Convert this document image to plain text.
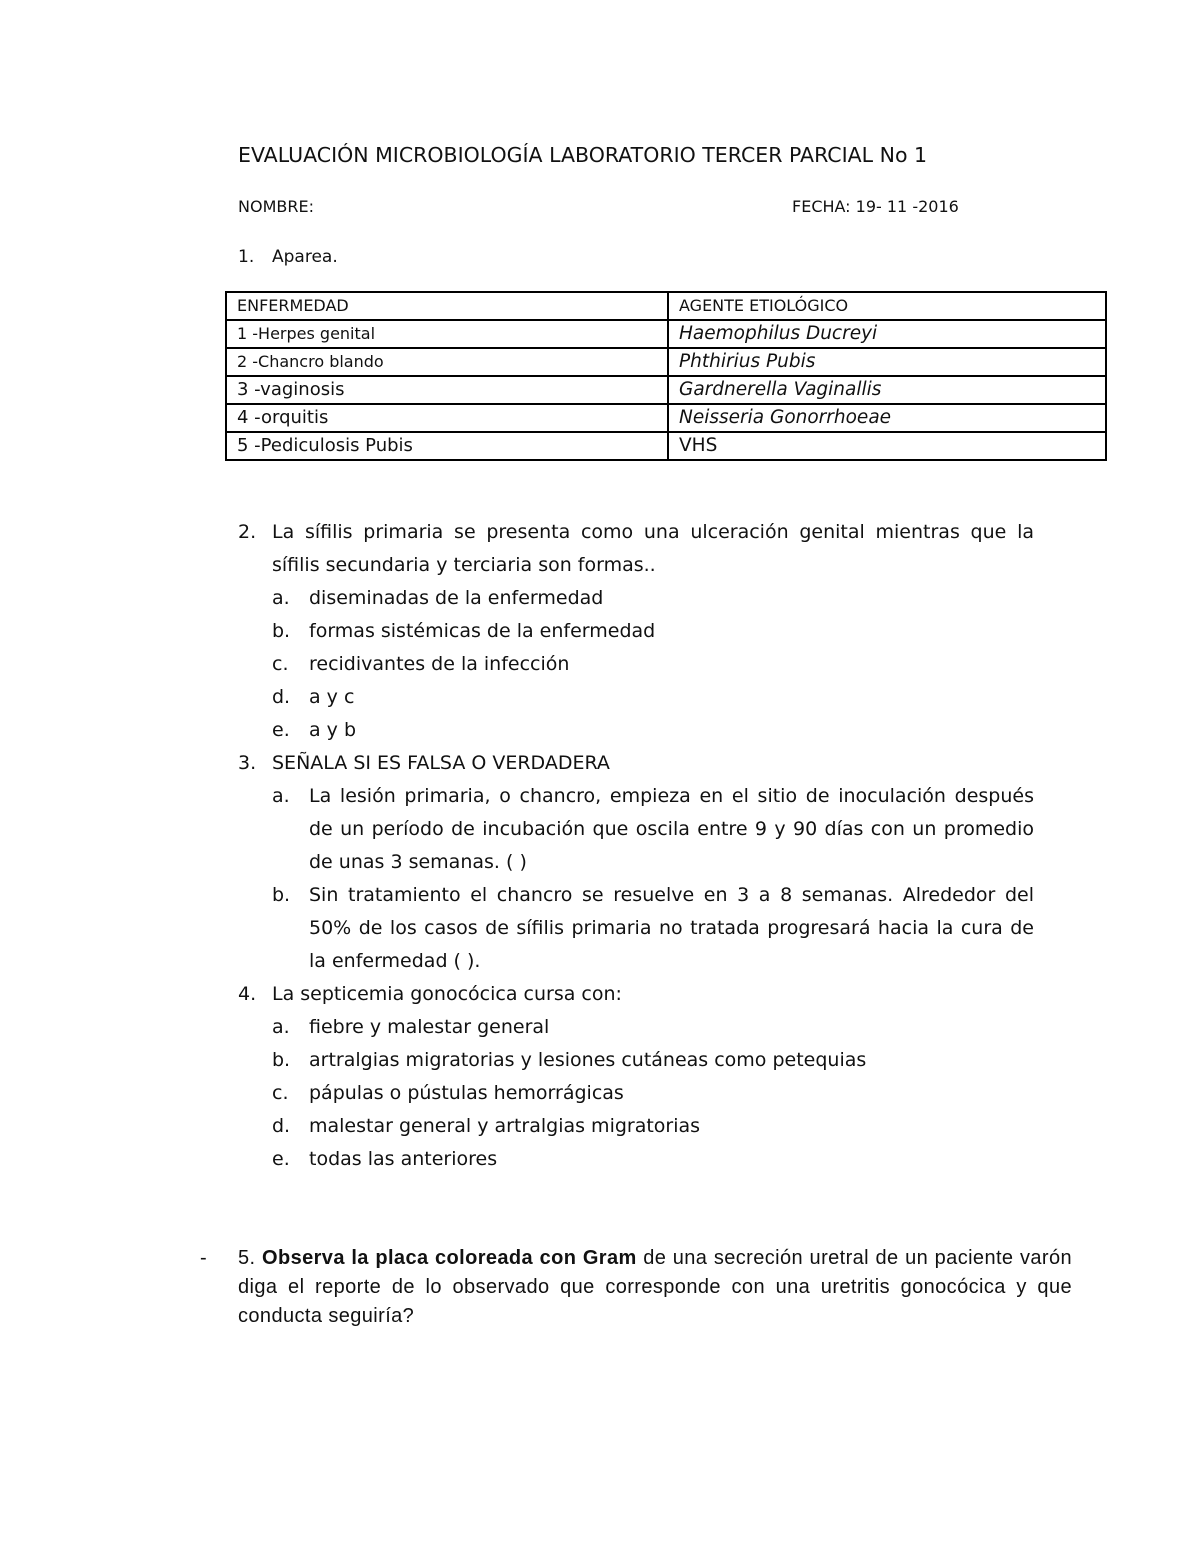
EVALUACIÓN MICROBIOLOGÍA LABORATORIO TERCER PARCIAL No 1
NOMBRE:	FECHA: 19- 11 -2016
1. Aparea.
ENFERMEDAD	AGENTE ETIOLÓGICO
1 -Herpes genital	Haemophilus Ducreyi
2 -Chancro blando	Phthirius Pubis
3 -vaginosis	Gardnerella Vaginallis
4 -orquitis	Neisseria Gonorrhoeae
5 -Pediculosis Pubis	VHS
2. La sífilis primaria se presenta como una ulceración genital mientras que la sífilis secundaria y terciaria son formas..
a. diseminadas de la enfermedad
b. formas sistémicas de la enfermedad
c. recidivantes de la infección
d. a y c
e. a y b
3. SEÑALA SI ES FALSA O VERDADERA
a. La lesión primaria, o chancro, empieza en el sitio de inoculación después de un período de incubación que oscila entre 9 y 90 días con un promedio de unas 3 semanas. ( )
b. Sin tratamiento el chancro se resuelve en 3 a 8 semanas. Alrededor del 50% de los casos de sífilis primaria no tratada progresará hacia la cura de la enfermedad ( ).
4. La septicemia gonocócica cursa con:
a. fiebre y malestar general
b. artralgias migratorias y lesiones cutáneas como petequias
c. pápulas o pústulas hemorrágicas
d. malestar general y artralgias migratorias
e. todas las anteriores
- 5. Observa la placa coloreada con Gram de una secreción uretral de un paciente varón diga el reporte de lo observado que corresponde con una uretritis gonocócica y que conducta seguiría?
